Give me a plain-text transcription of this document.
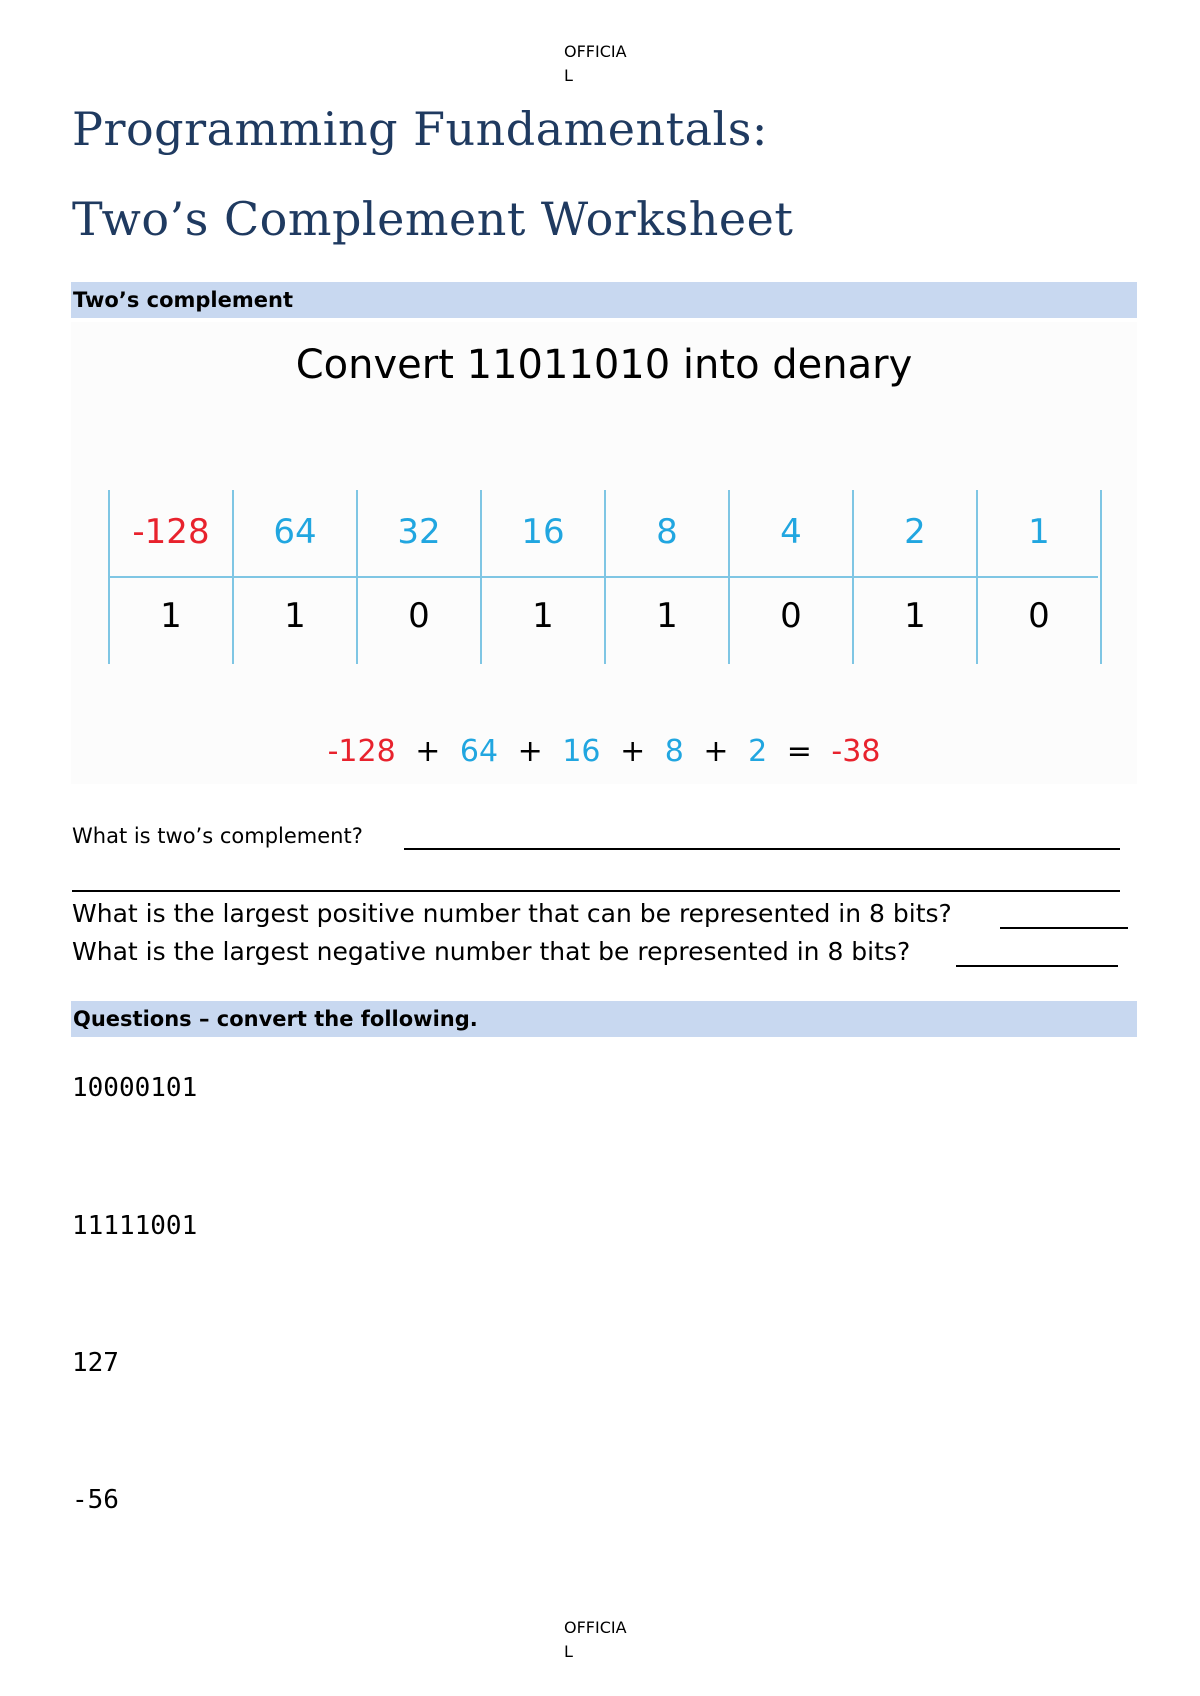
OFFICIA
L
Programming Fundamentals:
Two’s Complement Worksheet
Two’s complement
Convert 11011010 into denary
-128	64	32	16	8	4	2	1
1	1	0	1	1	0	1	0
-128 + 64 + 16 + 8 + 2 = -38
What is two’s complement?
What is the largest positive number that can be represented in 8 bits?
What is the largest negative number that be represented in 8 bits?
Questions – convert the following.
10000101
11111001
127
-56
OFFICIA
L
